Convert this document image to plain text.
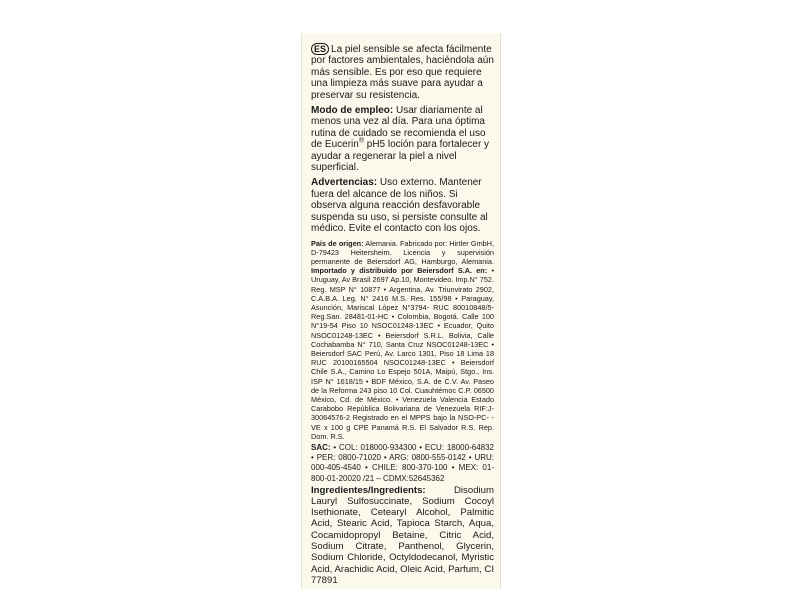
ES La piel sensible se afecta fácilmente por factores ambientales, haciéndola aún más sensible. Es por eso que requiere una limpieza más suave para ayudar a preservar su resistencia.

Modo de empleo: Usar diariamente al menos una vez al día. Para una óptima rutina de cuidado se recomienda el uso de Eucerin® pH5 loción para fortalecer y ayudar a regenerar la piel a nivel superficial.

Advertencias: Uso externo. Mantener fuera del alcance de los niños. Si observa alguna reacción desfavorable suspenda su uso, si persiste consulte al médico. Evite el contacto con los ojos.

País de origen: Alemania. Fabricado por: Hirtler GmbH, D-79423 Heitersheim. Licencia y supervisión permanente de Beiersdorf AG, Hamburgo, Alemania. Importado y distribuido por Beiersdorf S.A. en: • Uruguay, Av Brasil 2697 Ap.10, Montevideo. Imp.N° 752. Reg. MSP N° 10877 • Argentina, Av. Triunvirato 2902, C.A.B.A. Leg. N° 2416 M.S. Res. 155/98 • Paraguay, Asunción, Mariscal López N°3794- RUC 80010848/5-Reg.San. 28481-01-HC • Colombia, Bogotá. Calle 100 N°19-54 Piso 10 NSOC01248-13EC • Ecuador, Quito NSOC01248-13EC • Beiersdorf S.R.L. Bolivia, Calle Cochabamba N° 710, Santa Cruz NSOC01248-13EC • Beiersdorf SAC Perú, Av. Larco 1301, Piso 18 Lima 18 RUC 20100165504 NSOC01248-13EC • Beiersdorf Chile S.A., Camino Lo Espejo 501A, Maipú, Stgo., Ins. ISP N° 1618/15 • BDF México, S.A. de C.V. Av. Paseo de la Reforma 243 piso 10 Col. Cuauhtémoc C.P. 06500 México, Cd. de México. • Venezuela Valencia Estado Carabobo República Bolivariana de Venezuela RIF:J-30064576-2 Registrado en el MPPS bajo la NSO-PC- -VE x 100 g CPE Panamá R.S. El Salvador R.S. Rep. Dom. R.S.

SAC: • COL: 018000-934300 • ECU: 18000-64832 • PER: 0800-71020 • ARG: 0800-555-0142 • URU: 000-405-4540 • CHILE: 800-370-100 • MEX: 01-800-01-20020 /21 – CDMX:52645362

Ingredientes/Ingredients:	Disodium Lauryl Sulfosuccinate, Sodium Cocoyl Isethionate, Cetearyl Alcohol, Palmitic Acid, Stearic Acid, Tapioca Starch, Aqua, Cocamidopropyl Betaine, Citric Acid, Sodium Citrate, Panthenol, Glycerin, Sodium Chloride, Octyldodecanol, Myristic Acid, Arachidic Acid, Oleic Acid, Parfum, CI 77891
